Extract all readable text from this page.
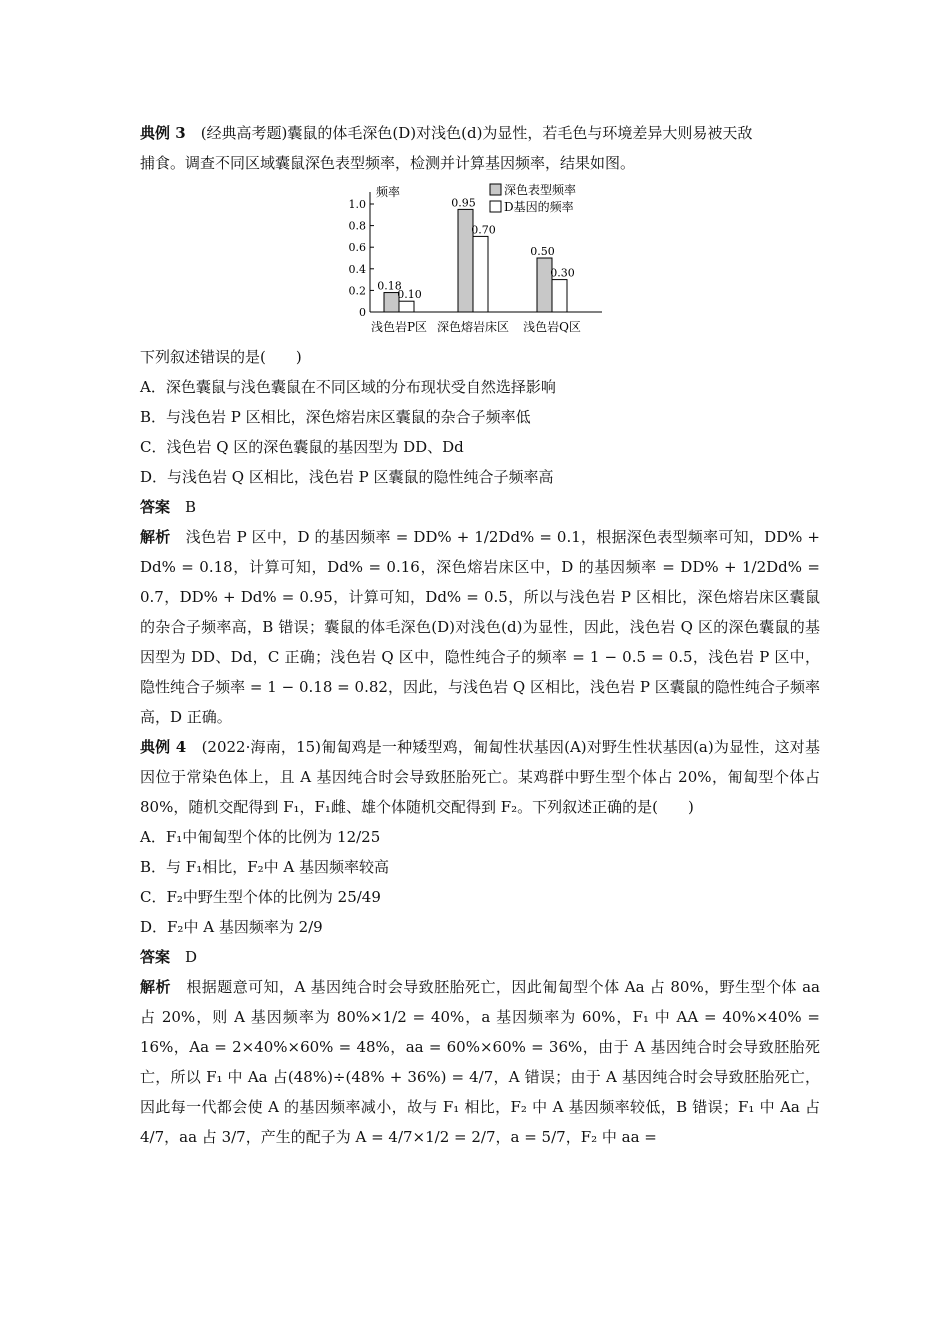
典例 3　 (经典高考题)囊鼠的体毛深色(D)对浅色(d)为显性，若毛色与环境差异大则易被天敌
捕食。调查不同区域囊鼠深色表型频率，检测并计算基因频率，结果如图。
频率
0
0.2
0.4
0.6
0.8
1.0
0.18
0.10
浅色岩P区
0.95
0.70
深色熔岩床区
0.50
0.30
浅色岩Q区
深色表型频率
D基因的频率
下列叙述错误的是(　　)
A．深色囊鼠与浅色囊鼠在不同区域的分布现状受自然选择影响
B．与浅色岩 P 区相比，深色熔岩床区囊鼠的杂合子频率低
C．浅色岩 Q 区的深色囊鼠的基因型为 DD、Dd
D．与浅色岩 Q 区相比，浅色岩 P 区囊鼠的隐性纯合子频率高
答案　 B
解析　 浅色岩 P 区中，D 的基因频率 = DD% + 1/2Dd% = 0.1，根据深色表型频率可知，DD% + Dd% = 0.18，计算可知，Dd% = 0.16，深色熔岩床区中，D 的基因频率 = DD% + 1/2Dd% = 0.7，DD% + Dd% = 0.95，计算可知，Dd% = 0.5，所以与浅色岩 P 区相比，深色熔岩床区囊鼠的杂合子频率高，B 错误；囊鼠的体毛深色(D)对浅色(d)为显性，因此，浅色岩 Q 区的深色囊鼠的基因型为 DD、Dd，C 正确；浅色岩 Q 区中，隐性纯合子的频率 = 1 − 0.5 = 0.5，浅色岩 P 区中，隐性纯合子频率 = 1 − 0.18 = 0.82，因此，与浅色岩 Q 区相比，浅色岩 P 区囊鼠的隐性纯合子频率高，D 正确。
典例 4　 (2022·海南，15)匍匐鸡是一种矮型鸡，匍匐性状基因(A)对野生性状基因(a)为显性，这对基因位于常染色体上，且 A 基因纯合时会导致胚胎死亡。某鸡群中野生型个体占 20%，匍匐型个体占 80%，随机交配得到 F₁，F₁雌、雄个体随机交配得到 F₂。下列叙述正确的是(　　)
A．F₁中匍匐型个体的比例为 12/25
B．与 F₁相比，F₂中 A 基因频率较高
C．F₂中野生型个体的比例为 25/49
D．F₂中 A 基因频率为 2/9
答案　 D
解析　 根据题意可知，A 基因纯合时会导致胚胎死亡，因此匍匐型个体 Aa 占 80%，野生型个体 aa 占 20%，则 A 基因频率为 80%×1/2 = 40%，a 基因频率为 60%，F₁ 中 AA = 40%×40% = 16%，Aa = 2×40%×60% = 48%，aa = 60%×60% = 36%，由于 A 基因纯合时会导致胚胎死亡，所以 F₁ 中 Aa 占(48%)÷(48% + 36%) = 4/7，A 错误；由于 A 基因纯合时会导致胚胎死亡，因此每一代都会使 A 的基因频率减小，故与 F₁ 相比，F₂ 中 A 基因频率较低，B 错误；F₁ 中 Aa 占 4/7，aa 占 3/7，产生的配子为 A = 4/7×1/2 = 2/7，a = 5/7，F₂ 中 aa =
